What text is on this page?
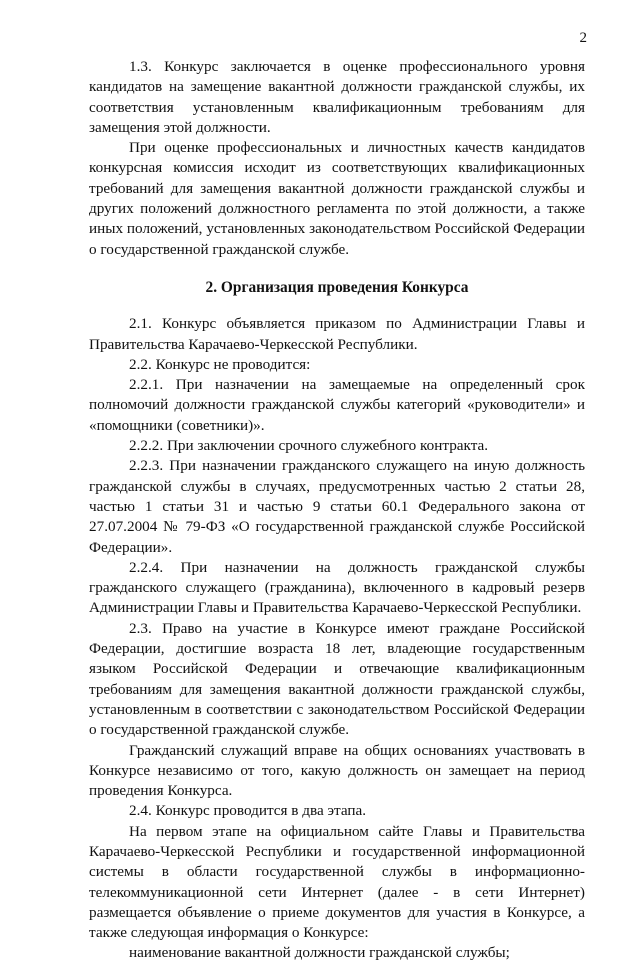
2

1.3. Конкурс заключается в оценке профессионального уровня кандидатов на замещение вакантной должности гражданской службы, их соответствия установленным квалификационным требованиям для замещения этой должности.

При оценке профессиональных и личностных качеств кандидатов конкурсная комиссия исходит из соответствующих квалификационных требований для замещения вакантной должности гражданской службы и других положений должностного регламента по этой должности, а также иных положений, установленных законодательством Российской Федерации о государственной гражданской службе.

2. Организация проведения Конкурса

2.1. Конкурс объявляется приказом по Администрации Главы и Правительства Карачаево-Черкесской Республики.

2.2. Конкурс не проводится:

2.2.1. При назначении на замещаемые на определенный срок полномочий должности гражданской службы категорий «руководители» и «помощники (советники)».

2.2.2. При заключении срочного служебного контракта.

2.2.3. При назначении гражданского служащего на иную должность гражданской службы в случаях, предусмотренных частью 2 статьи 28, частью 1 статьи 31 и частью 9 статьи 60.1 Федерального закона от 27.07.2004 № 79-ФЗ «О государственной гражданской службе Российской Федерации».

2.2.4. При назначении на должность гражданской службы гражданского служащего (гражданина), включенного в кадровый резерв Администрации Главы и Правительства Карачаево-Черкесской Республики.

2.3. Право на участие в Конкурсе имеют граждане Российской Федерации, достигшие возраста 18 лет, владеющие государственным языком Российской Федерации и отвечающие квалификационным требованиям для замещения вакантной должности гражданской службы, установленным в соответствии с законодательством Российской Федерации о государственной гражданской службе.

Гражданский служащий вправе на общих основаниях участвовать в Конкурсе независимо от того, какую должность он замещает на период проведения Конкурса.

2.4. Конкурс проводится в два этапа.

На первом этапе на официальном сайте Главы и Правительства Карачаево-Черкесской Республики и государственной информационной системы в области государственной службы в информационно-телекоммуникационной сети Интернет (далее - в сети Интернет) размещается объявление о приеме документов для участия в Конкурсе, а также следующая информация о Конкурсе:

наименование вакантной должности гражданской службы;
